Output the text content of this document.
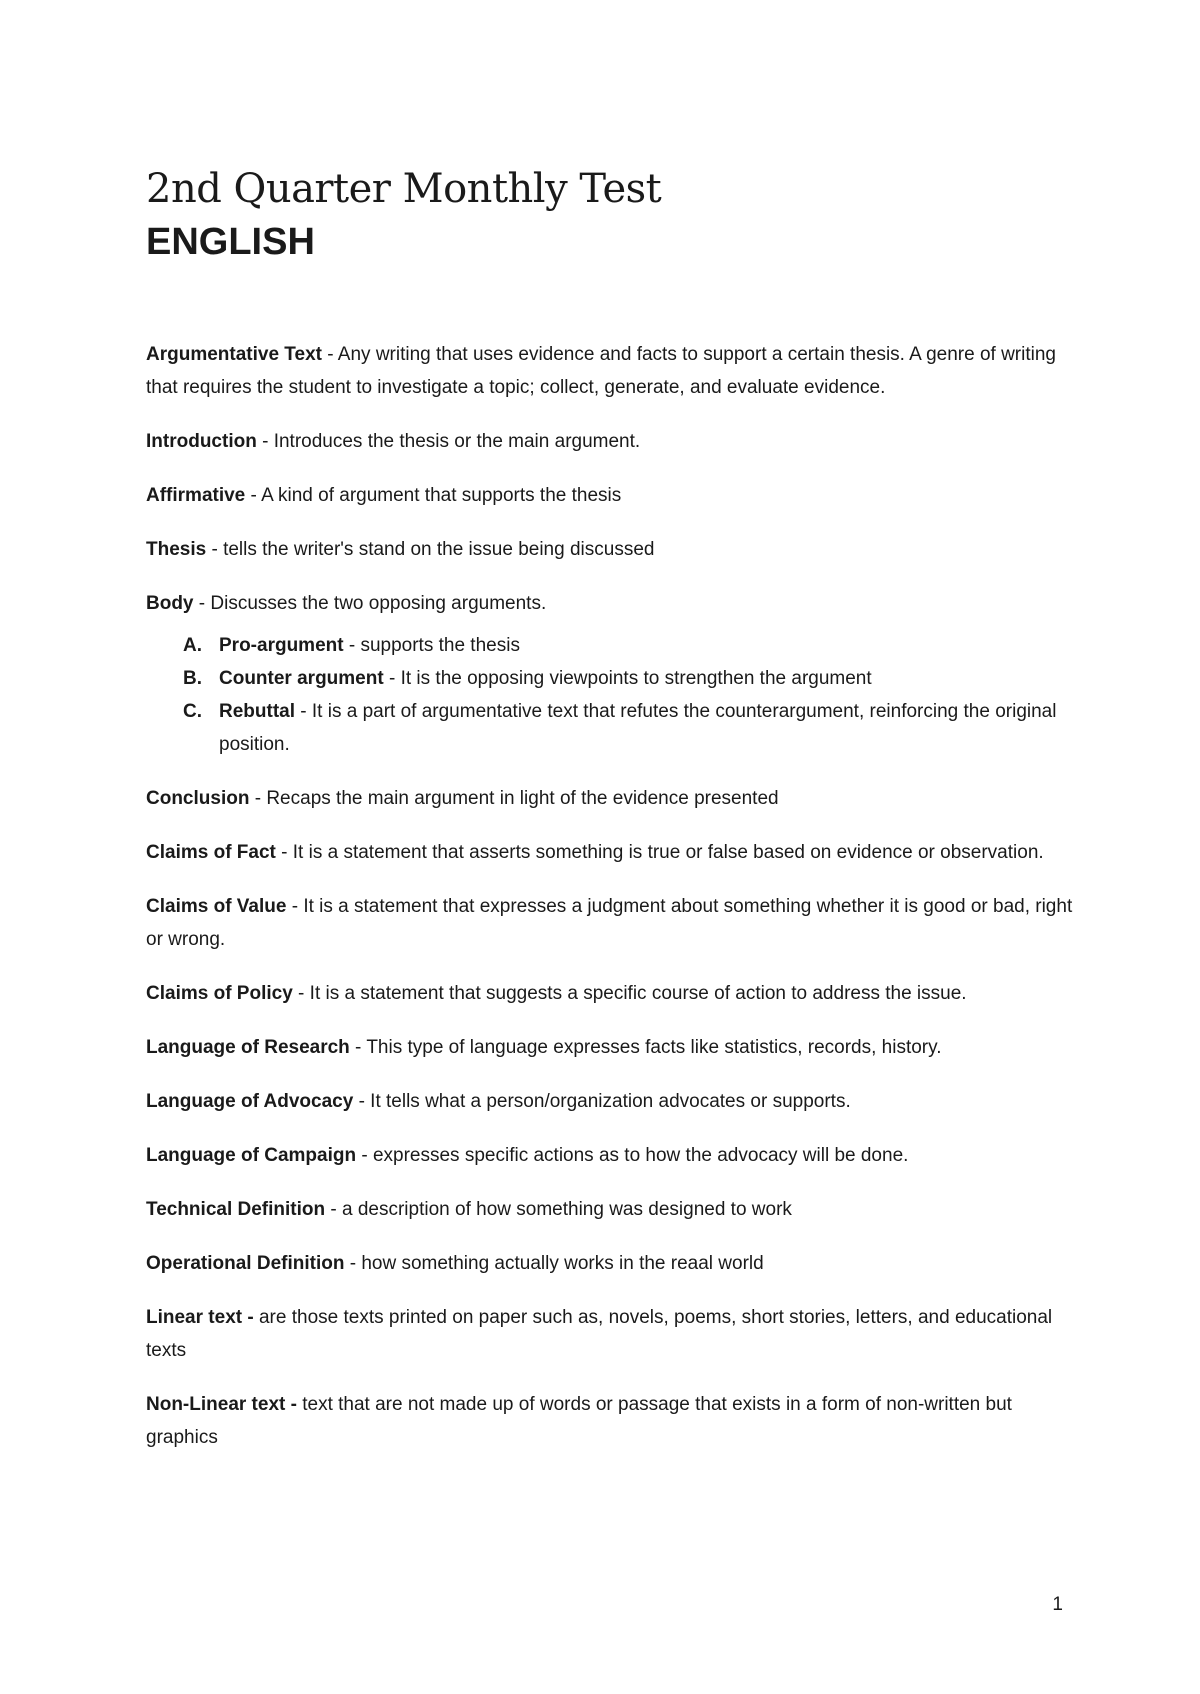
2nd Quarter Monthly Test
ENGLISH

Argumentative Text - Any writing that uses evidence and facts to support a certain thesis. A genre of writing that requires the student to investigate a topic; collect, generate, and evaluate evidence.

Introduction - Introduces the thesis or the main argument.

Affirmative - A kind of argument that supports the thesis

Thesis - tells the writer's stand on the issue being discussed

Body - Discusses the two opposing arguments.

A. Pro-argument - supports the thesis
B. Counter argument - It is the opposing viewpoints to strengthen the argument
C. Rebuttal - It is a part of argumentative text that refutes the counterargument, reinforcing the original position.

Conclusion - Recaps the main argument in light of the evidence presented

Claims of Fact - It is a statement that asserts something is true or false based on evidence or observation.

Claims of Value - It is a statement that expresses a judgment about something whether it is good or bad, right or wrong.

Claims of Policy - It is a statement that suggests a specific course of action to address the issue.

Language of Research - This type of language expresses facts like statistics, records, history.

Language of Advocacy - It tells what a person/organization advocates or supports.

Language of Campaign - expresses specific actions as to how the advocacy will be done.

Technical Definition - a description of how something was designed to work

Operational Definition - how something actually works in the reaal world

Linear text - are those texts printed on paper such as, novels, poems, short stories, letters, and educational texts

Non-Linear text - text that are not made up of words or passage that exists in a form of non-written but graphics

1
